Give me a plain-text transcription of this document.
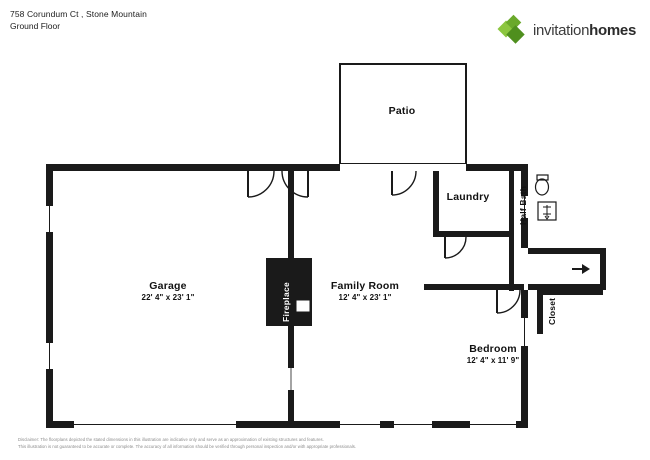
758 Corundum Ct , Stone Mountain
Ground Floor	invitationhomes
Patio
Laundry
Garage
22' 4" x 23' 1"
Family Room
12' 4" x 23' 1"
Bedroom
12' 4" x 11' 9"
Half Bath
Closet
Fireplace
Disclaimer: The floorplans depicted the stated dimensions in this illustration are indicative only and serve as an approximation of existing structures and features.
This illustration is not guaranteed to be accurate or complete. The accuracy of all information should be verified through personal inspection and/or with appropriate professionals.
